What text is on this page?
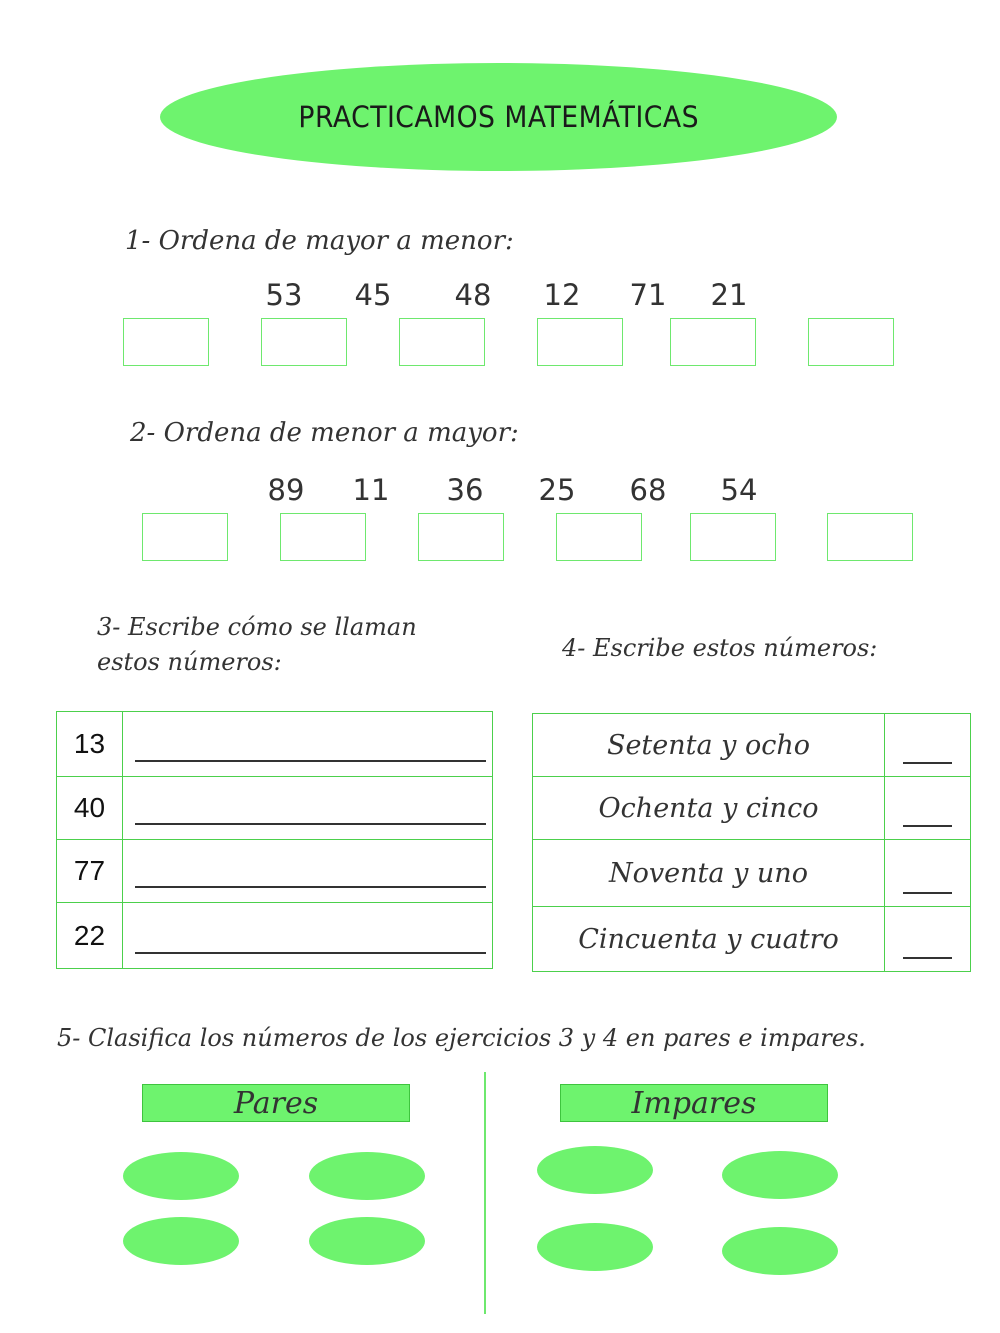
PRACTICAMOS MATEMÁTICAS
1- Ordena de mayor a menor:
53	45	48	12	71	21
2- Ordena de menor a mayor:
89	11	36	25	68	54
3- Escribe cómo se llaman
estos números:	4- Escribe estos números:
13	

40	

77	

22	
Setenta y ocho	

Ochenta y cinco	

Noventa y uno	

Cincuenta y cuatro	
5- Clasifica los números de los ejercicios 3 y 4 en pares e impares.
Pares	Impares
